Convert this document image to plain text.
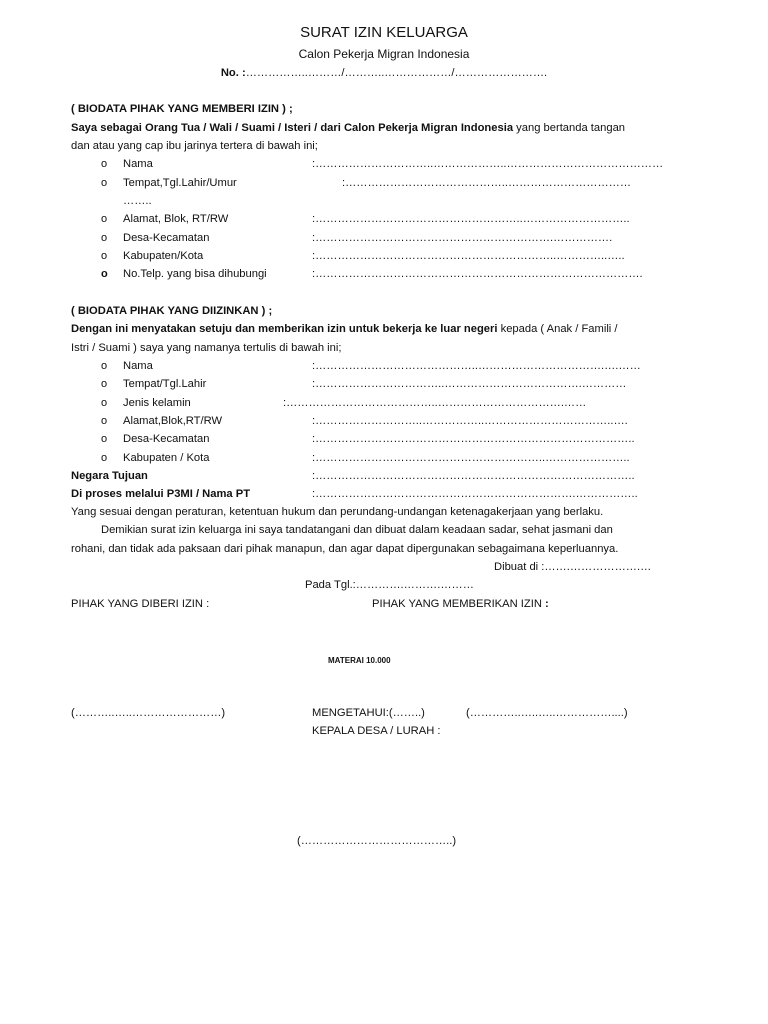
SURAT IZIN KELUARGA
Calon Pekerja Migran Indonesia
No. :……………..………/………..………………/…………………….
( BIODATA PIHAK YANG MEMBERI IZIN ) ;
Saya sebagai Orang Tua / Wali / Suami / Isteri / dari Calon Pekerja Migran Indonesia yang bertanda tangan
dan atau yang cap ibu jarinya tertera di bawah ini;
o Nama	:…………………………..………………..……………………………………
o Tempat,Tgl.Lahir/Umur	:……………………………………..……………………………
……..
o Alamat, Blok, RT/RW	:………………………………………………..………………………..
o Desa-Kecamatan	:……………………………………………………….…………….
o Kabupaten/Kota	:………………………………………………………..…………..…..
o No.Telp. yang bisa dihubungi	:…………………………………………………………………………….
( BIODATA PIHAK YANG DIIZINKAN ) ;
Dengan ini menyatakan setuju dan memberikan izin untuk bekerja ke luar negeri kepada ( Anak / Famili /
Istri / Suami ) saya yang namanya tertulis di bawah ini;
o Nama	:……………………………………..…………………………….….……
o Tempat/Tgl.Lahir	:……………………………..……………………………….…………
o Jenis kelamin	:…………………………………..…………………………….……
o Alamat,Blok,RT/RW	:………………………..……………..……………………………..….
o Desa-Kecamatan	:…………………………………………………………………………..
o Kabupaten / Kota	:……………………………………………………..…………………..
Negara Tujuan	:…………………………………………………………………………..
Di proses melalui P3MI / Nama PT	:…………………………………………………………….……………..
Yang sesuai dengan peraturan, ketentuan hukum dan perundang-undangan ketenagakerjaan yang berlaku.
Demikian surat izin keluarga ini saya tandatangani dan dibuat dalam keadaan sadar, sehat jasmani dan
rohani, dan tidak ada paksaan dari pihak manapun, dan agar dapat dipergunakan sebagaimana keperluannya.
Dibuat di :…….……………….…
Pada Tgl.:………….……….………
PIHAK YANG DIBERI IZIN :	PIHAK YANG MEMBERIKAN IZIN :
MATERAI 10.000
(………..…..……………………)	MENGETAHUI:(……..)	(…………..…..…..……………....)
KEPALA DESA / LURAH :
(…………………………………..)
